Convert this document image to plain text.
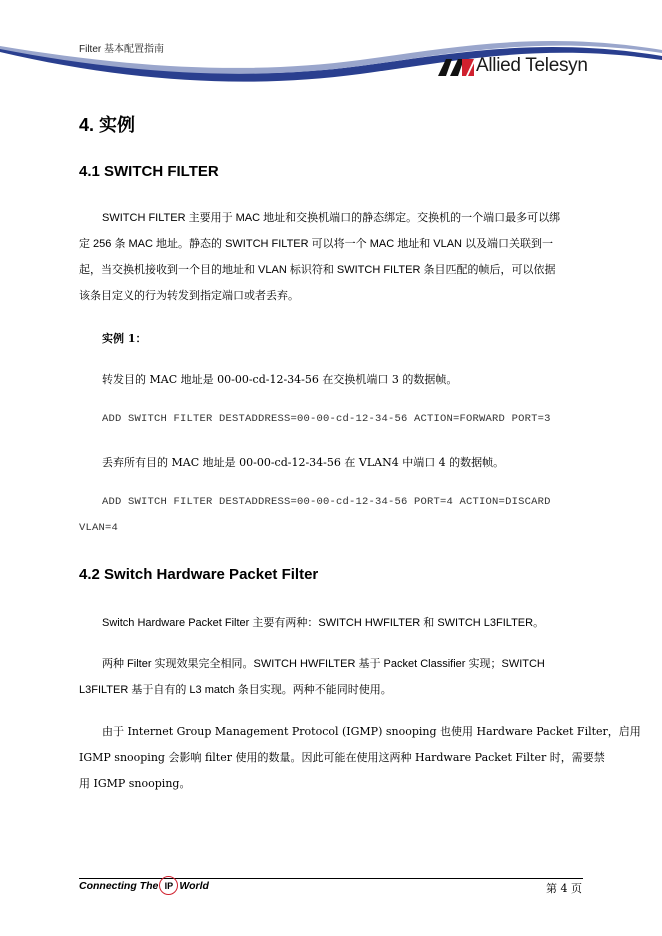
Filter 基本配置指南
Allied Telesyn
4. 实例
4.1 SWITCH FILTER
SWITCH FILTER 主要用于 MAC 地址和交换机端口的静态绑定。交换机的一个端口最多可以绑
定 256 条 MAC 地址。静态的 SWITCH FILTER 可以将一个 MAC 地址和 VLAN 以及端口关联到一
起，当交换机接收到一个目的地址和 VLAN 标识符和 SWITCH FILTER 条目匹配的帧后，可以依据
该条目定义的行为转发到指定端口或者丢弃。
实例 1：
转发目的 MAC 地址是 00-00-cd-12-34-56 在交换机端口 3 的数据帧。
ADD SWITCH FILTER DESTADDRESS=00-00-cd-12-34-56 ACTION=FORWARD PORT=3
丢弃所有目的 MAC 地址是 00-00-cd-12-34-56 在 VLAN4 中端口 4 的数据帧。
ADD SWITCH FILTER DESTADDRESS=00-00-cd-12-34-56 PORT=4 ACTION=DISCARD
VLAN=4
4.2 Switch Hardware Packet Filter
Switch Hardware Packet Filter 主要有两种：SWITCH HWFILTER 和 SWITCH L3FILTER。
两种 Filter 实现效果完全相同。SWITCH HWFILTER 基于 Packet Classifier 实现；SWITCH
L3FILTER 基于自有的 L3 match 条目实现。两种不能同时使用。
由于 Internet Group Management Protocol (IGMP) snooping 也使用 Hardware Packet Filter，启用
IGMP snooping 会影响 filter 使用的数量。因此可能在使用这两种 Hardware Packet Filter 时，需要禁
用 IGMP snooping。
Connecting The IP World	第 4 页
